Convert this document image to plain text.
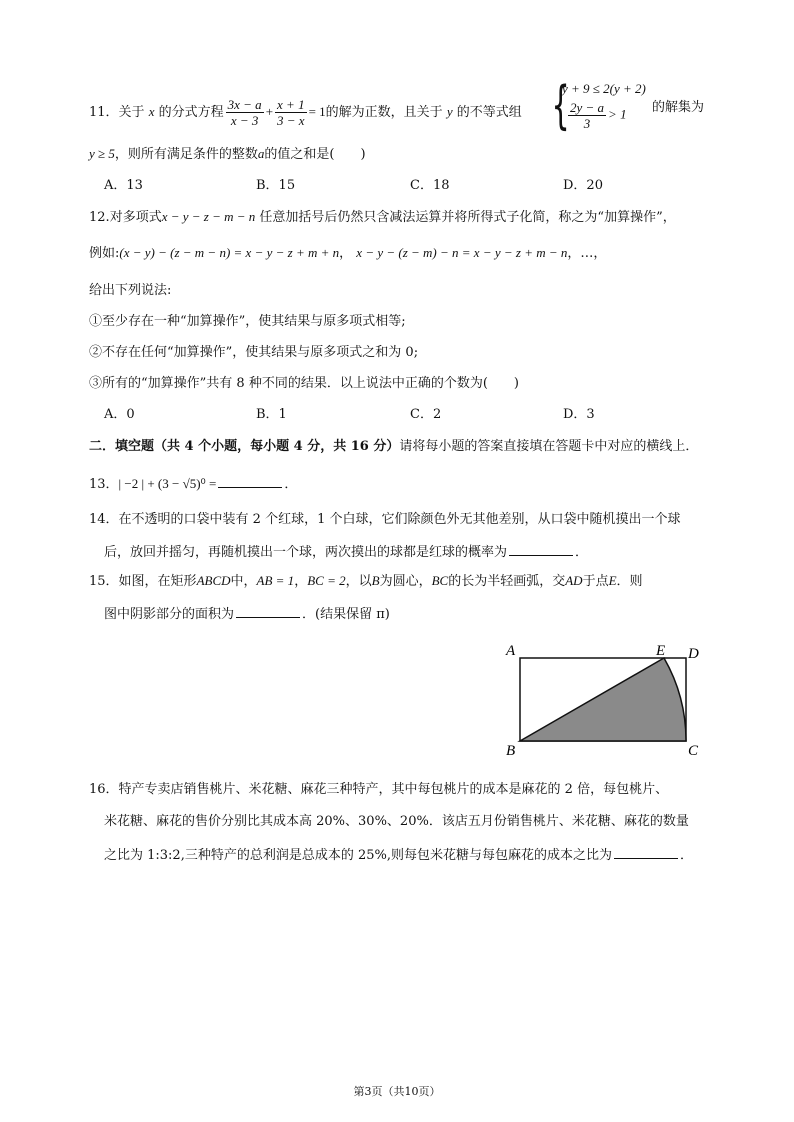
11．关于 x 的分式方程 $\frac{3x - a}{x - 3} + \frac{x + 1}{3 - x} = 1$的解为正数，且关于 y 的不等式组 {
y + 9 ≤ 2(y + 2)
$\frac{2y - a}{3} > 1$ 的解集为
y ≥ 5，则所有满足条件的整数a的值之和是(　　)
A．13	B．15	C．18	D．20
12.对多项式x − y − z − m − n 任意加括号后仍然只含减法运算并将所得式子化简，称之为“加算操作”，
例如:(x − y) − (z − m − n) = x − y − z + m + n， x − y − (z − m) − n = x − y − z + m − n，…，
给出下列说法:
①至少存在一种“加算操作”，使其结果与原多项式相等;
②不存在任何“加算操作”，使其结果与原多项式之和为 0;
③所有的“加算操作”共有 8 种不同的结果．以上说法中正确的个数为(　　)
A．0	B．1	C．2	D．3
二．填空题（共 4 个小题，每小题 4 分，共 16 分）请将每小题的答案直接填在答题卡中对应的横线上．
13．| −2 | + (3 − √5)⁰ =	．
14．在不透明的口袋中装有 2 个红球，1 个白球，它们除颜色外无其他差别，从口袋中随机摸出一个球
后，放回并摇匀，再随机摸出一个球，两次摸出的球都是红球的概率为	．
15．如图，在矩形ABCD中，AB = 1，BC = 2，以B为圆心，BC的长为半轻画弧，交AD于点E．则
图中阴影部分的面积为	．(结果保留 π)
A	E D
B	C
16．特产专卖店销售桃片、米花糖、麻花三种特产，其中每包桃片的成本是麻花的 2 倍，每包桃片、
米花糖、麻花的售价分别比其成本高 20%、30%、20%．该店五月份销售桃片、米花糖、麻花的数量
之比为 1:3:2,三种特产的总利润是总成本的 25%,则每包米花糖与每包麻花的成本之比为	．
第3页（共10页）
